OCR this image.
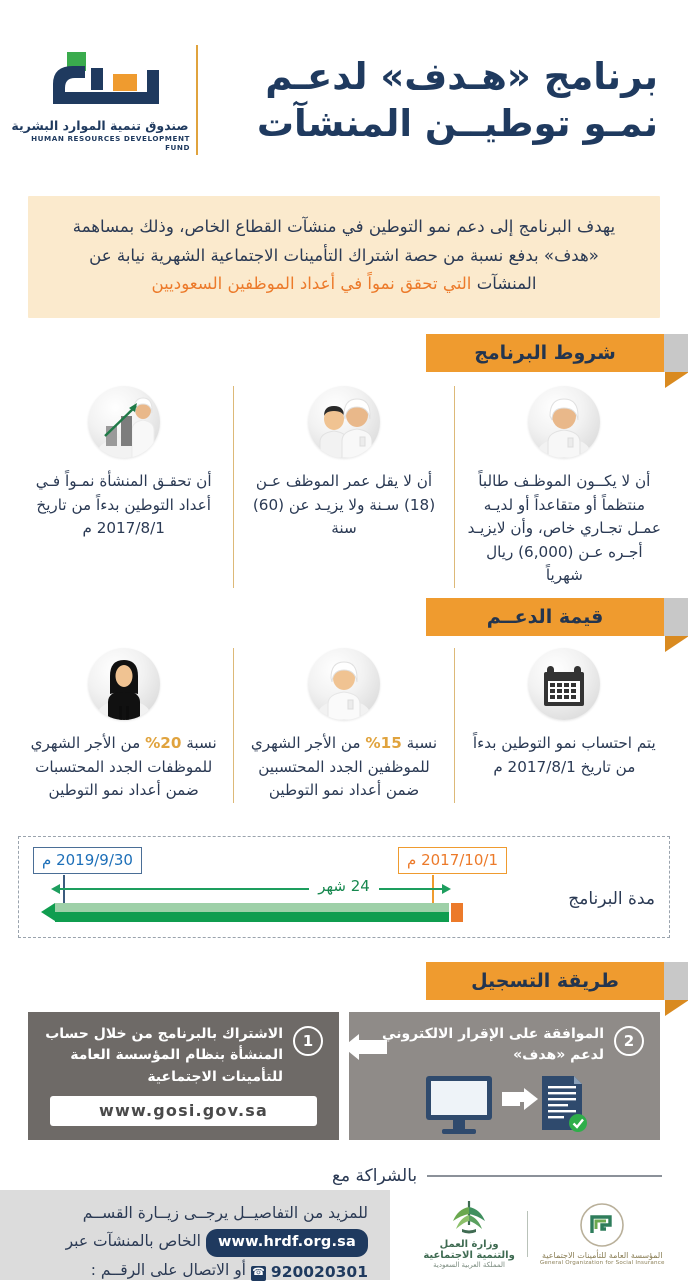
برنامج «هـدف» لدعـم
نمـو توطيــن المنشآت
صندوق تنمية الموارد البشرية
HUMAN RESOURCES DEVELOPMENT FUND
يهدف البرنامج إلى دعم نمو التوطين في منشآت القطاع الخاص، وذلك بمساهمة
«هدف» بدفع نسبة من حصة اشتراك التأمينات الاجتماعية الشهرية نيابة عن
المنشآت التي تحقق نمواً في أعداد الموظفين السعوديين
شروط البرنامج
أن لا يكــون الموظـف طالباً منتظماً أو متقاعداً أو لديـه عمـل تجـاري خاص، وأن لايزيـد أجـره عـن (6,000) ريال شهرياً
أن لا يقل عمر الموظف عـن (18) سـنة ولا يزيـد عن (60) سنة
أن تحقـق المنشأة نمـواً فـي أعداد التوطين بدءاً من تاريخ 2017/8/1 م
قيمة الدعــم
يتم احتساب نمو التوطين بدءاً من تاريخ 2017/8/1 م
نسبة 15% من الأجر الشهري للموظفين الجدد المحتسبين ضمن أعداد نمو التوطين
نسبة 20% من الأجر الشهري للموظفات الجدد المحتسبات ضمن أعداد نمو التوطين
مدة البرنامج
2017/10/1 م
2019/9/30 م
24 شهر
طريقة التسجيل
2
الموافقة على الإقرار الالكتروني لدعم «هدف»
1
الاشتراك بالبرنامج من خلال حساب المنشأة بنظام المؤسسة العامة للتأمينات الاجتماعية
www.gosi.gov.sa
بالشراكة مع
للمزيد من التفاصيــل يرجــى زيــارة القســم
www.hrdf.org.sa الخاص بالمنشآت عبر
☎ 920020301
أو الاتصال على الرقــم :
المؤسسة العامة للتأمينات الاجتماعية
General Organization for Social Insurance
وزارة العمل
والتنمية الاجتماعية
المملكة العربية السعودية
